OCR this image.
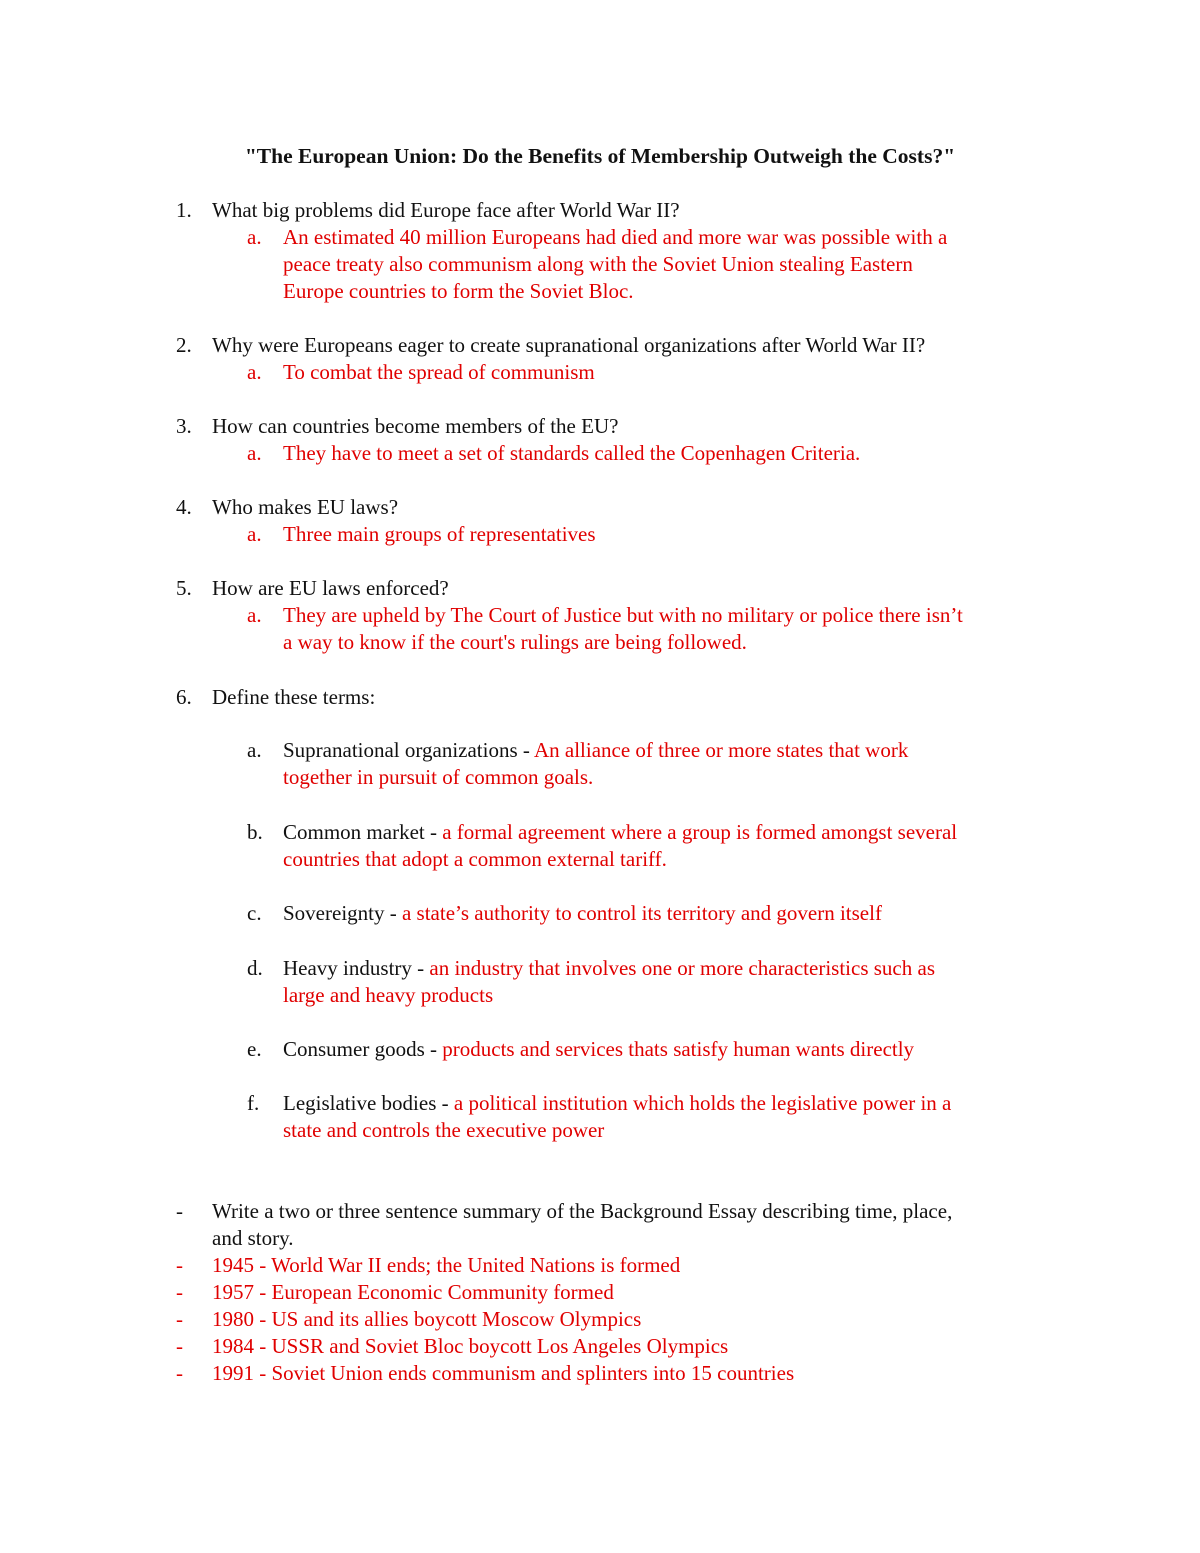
"The European Union: Do the Benefits of Membership Outweigh the Costs?"
1. What big problems did Europe face after World War II?
a. An estimated 40 million Europeans had died and more war was possible with a
peace treaty also communism along with the Soviet Union stealing Eastern
Europe countries to form the Soviet Bloc.
2. Why were Europeans eager to create supranational organizations after World War II?
a. To combat the spread of communism
3. How can countries become members of the EU?
a. They have to meet a set of standards called the Copenhagen Criteria.
4. Who makes EU laws?
a. Three main groups of representatives
5. How are EU laws enforced?
a. They are upheld by The Court of Justice but with no military or police there isn’t
a way to know if the court's rulings are being followed.
6. Define these terms:
a. Supranational organizations - An alliance of three or more states that work
together in pursuit of common goals.
b. Common market - a formal agreement where a group is formed amongst several
countries that adopt a common external tariff.
c. Sovereignty - a state’s authority to control its territory and govern itself
d. Heavy industry - an industry that involves one or more characteristics such as
large and heavy products
e. Consumer goods - products and services thats satisfy human wants directly
f. Legislative bodies - a political institution which holds the legislative power in a
state and controls the executive power
- Write a two or three sentence summary of the Background Essay describing time, place,
and story.
- 1945 - World War II ends; the United Nations is formed
- 1957 - European Economic Community formed
- 1980 - US and its allies boycott Moscow Olympics
- 1984 - USSR and Soviet Bloc boycott Los Angeles Olympics
- 1991 - Soviet Union ends communism and splinters into 15 countries
